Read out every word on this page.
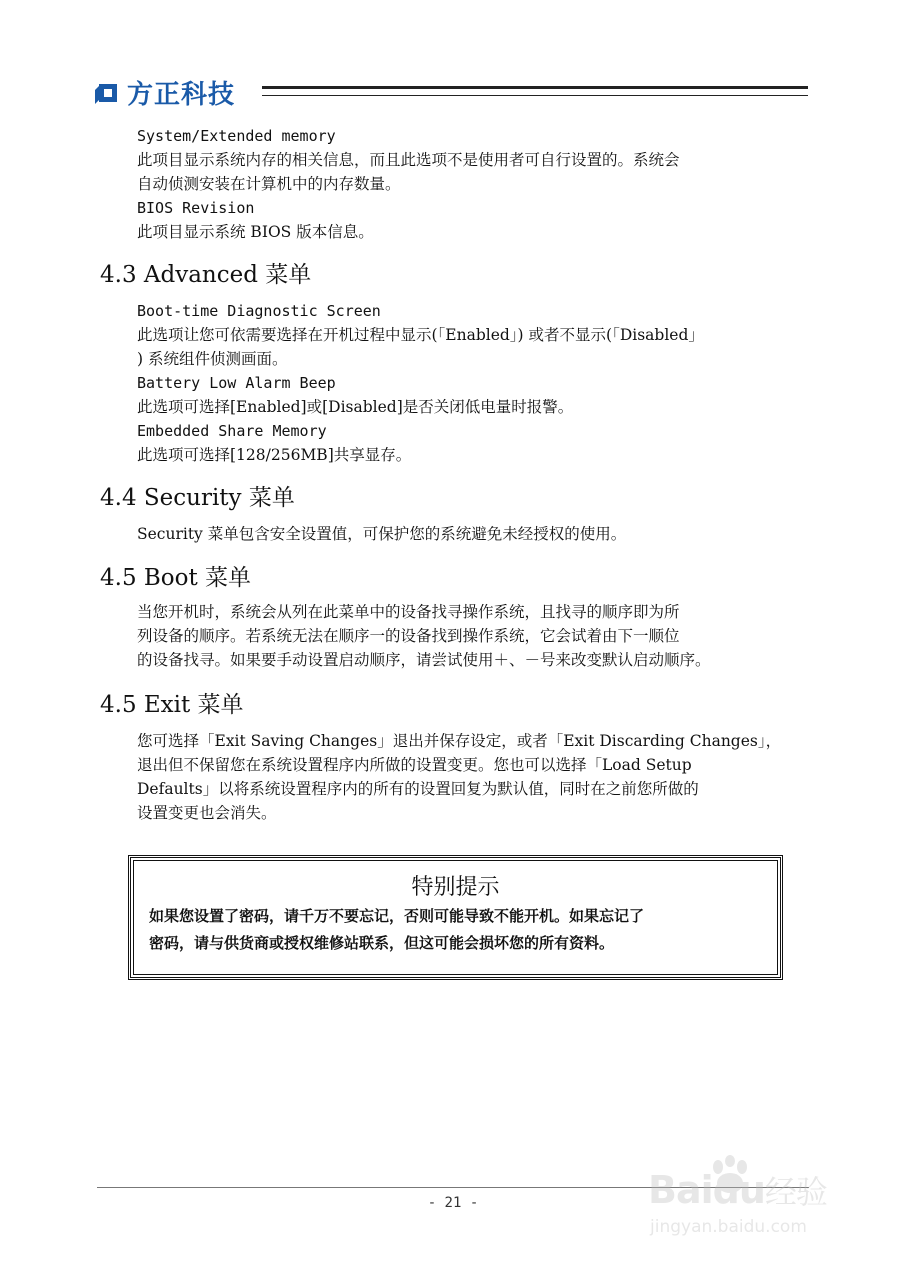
方正科技
System/Extended memory
此项目显示系统内存的相关信息，而且此选项不是使用者可自行设置的。系统会
自动侦测安装在计算机中的内存数量。
BIOS Revision
此项目显示系统 BIOS 版本信息。
4.3 Advanced 菜单
Boot-time Diagnostic Screen
此选项让您可依需要选择在开机过程中显示(「Enabled」) 或者不显示(「Disabled」
) 系统组件侦测画面。
Battery Low Alarm Beep
此选项可选择[Enabled]或[Disabled]是否关闭低电量时报警。
Embedded Share Memory
此选项可选择[128/256MB]共享显存。
4.4 Security 菜单
Security 菜单包含安全设置值，可保护您的系统避免未经授权的使用。
4.5 Boot 菜单
当您开机时，系统会从列在此菜单中的设备找寻操作系统，且找寻的顺序即为所
列设备的顺序。若系统无法在顺序一的设备找到操作系统，它会试着由下一顺位
的设备找寻。如果要手动设置启动顺序，请尝试使用＋、－号来改变默认启动顺序。
4.5 Exit 菜单
您可选择「Exit Saving Changes」退出并保存设定，或者「Exit Discarding Changes」，
退出但不保留您在系统设置程序内所做的设置变更。您也可以选择「Load Setup
Defaults」以将系统设置程序内的所有的设置回复为默认值，同时在之前您所做的
设置变更也会消失。
特别提示
如果您设置了密码，请千万不要忘记，否则可能导致不能开机。如果忘记了
密码，请与供货商或授权维修站联系，但这可能会损坏您的所有资料。
- 21 -	Baidu经验
jingyan.baidu.com
